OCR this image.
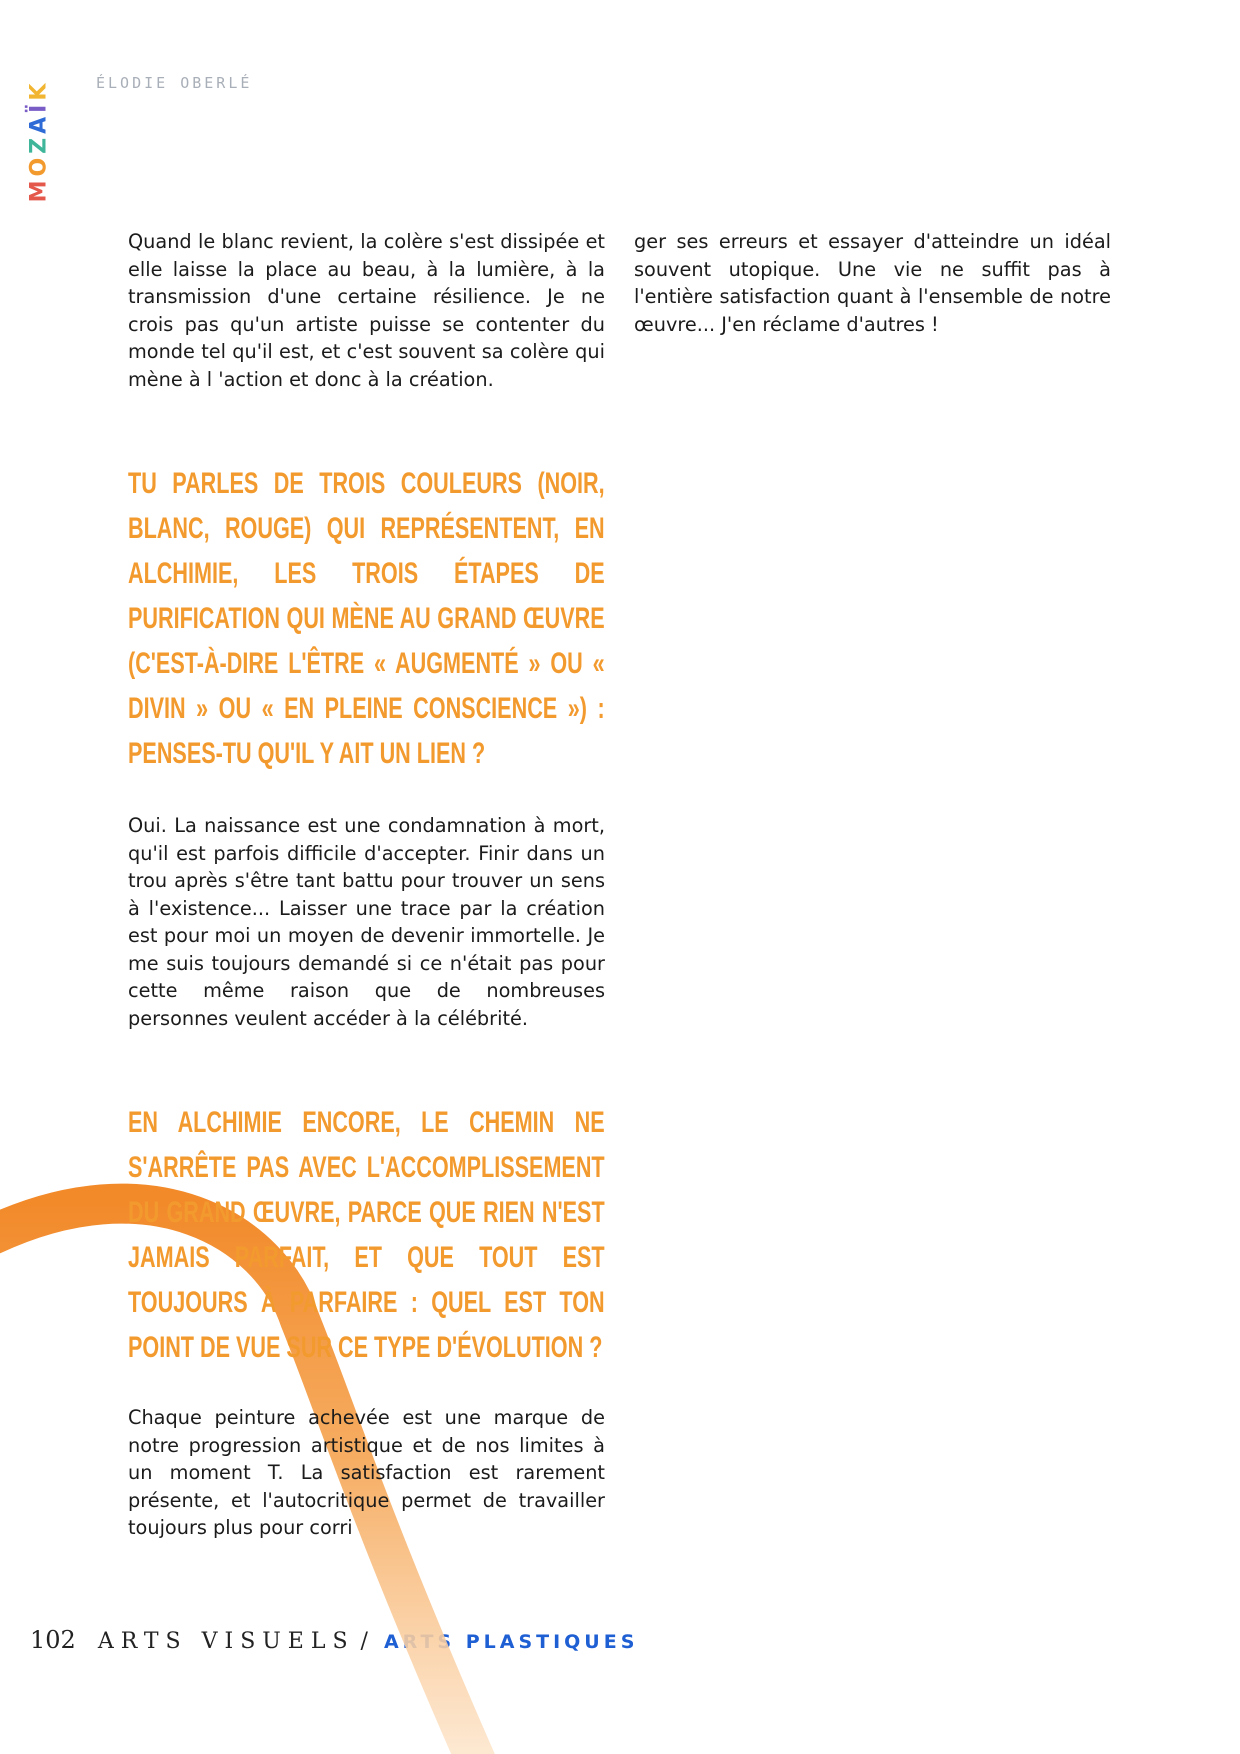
MOZAÏK	ÉLODIE OBERLÉ

Quand le blanc revient, la colère s'est dissipée et elle laisse la place au beau, à la lumière, à la transmission d'une certaine résilience. Je ne crois pas qu'un artiste puisse se contenter du monde tel qu'il est, et c'est souvent sa colère qui mène à l 'action et donc à la création.

TU PARLES DE TROIS COULEURS (NOIR, BLANC, ROUGE) QUI REPRÉSENTENT, EN ALCHIMIE, LES TROIS ÉTAPES DE PURIFICATION QUI MÈNE AU GRAND ŒUVRE (C'EST-À-DIRE L'ÊTRE « AUGMENTÉ » OU « DIVIN » OU « EN PLEINE CONSCIENCE ») : PENSES-TU QU'IL Y AIT UN LIEN ?

Oui. La naissance est une condamnation à mort, qu'il est parfois difficile d'accepter. Finir dans un trou après s'être tant battu pour trouver un sens à l'existence... Laisser une trace par la création est pour moi un moyen de devenir immortelle. Je me suis toujours demandé si ce n'était pas pour cette même raison que de nombreuses personnes veulent accéder à la célébrité.

EN ALCHIMIE ENCORE, LE CHEMIN NE S'ARRÊTE PAS AVEC L'ACCOMPLISSEMENT DU GRAND ŒUVRE, PARCE QUE RIEN N'EST JAMAIS PARFAIT, ET QUE TOUT EST TOUJOURS À PARFAIRE : QUEL EST TON POINT DE VUE SUR CE TYPE D'ÉVOLUTION ?

Chaque peinture achevée est une marque de notre progression artistique et de nos limites à un moment T. La satisfaction est rarement présente, et l'autocritique permet de travailler toujours plus pour corri

ger ses erreurs et essayer d'atteindre un idéal souvent utopique. Une vie ne suffit pas à l'entière satisfaction quant à l'ensemble de notre œuvre... J'en réclame d'autres !

102 ARTS VISUELS / ARTS PLASTIQUES
